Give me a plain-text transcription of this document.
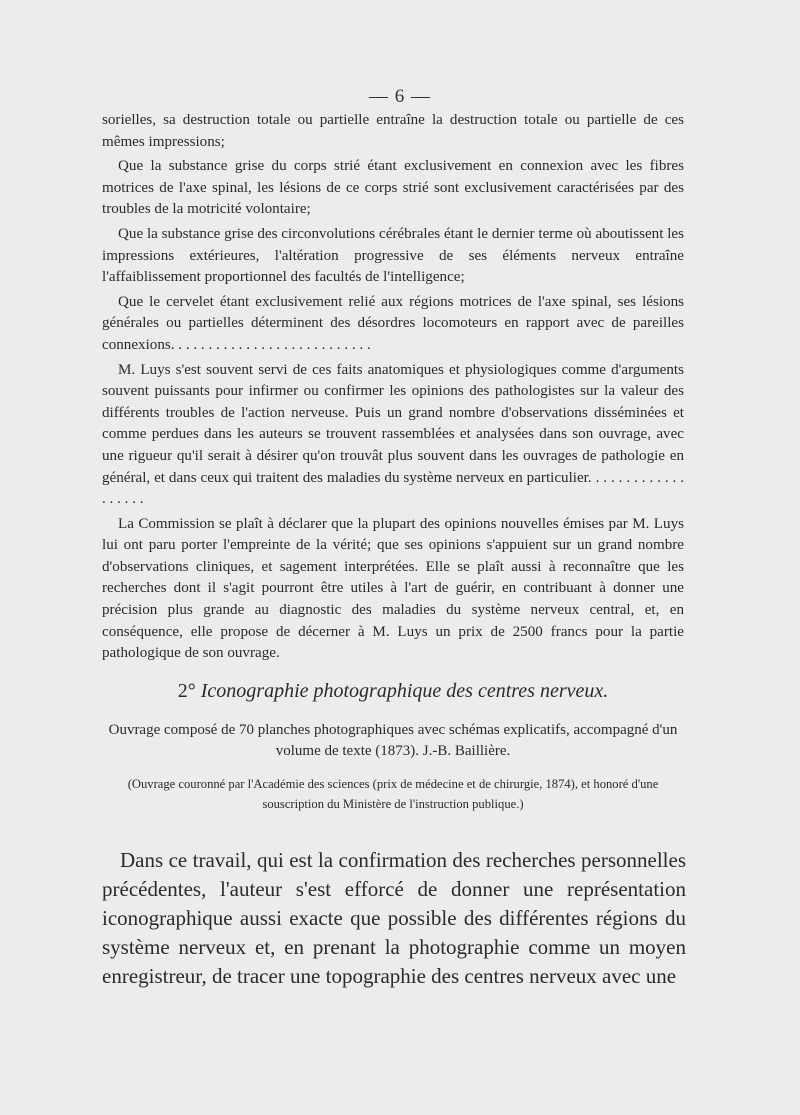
— 6 —

sorielles, sa destruction totale ou partielle entraîne la destruction totale ou partielle de ces mêmes impressions;

Que la substance grise du corps strié étant exclusivement en connexion avec les fibres motrices de l'axe spinal, les lésions de ce corps strié sont exclusivement caractérisées par des troubles de la motricité volontaire;

Que la substance grise des circonvolutions cérébrales étant le dernier terme où aboutissent les impressions extérieures, l'altération progressive de ses éléments nerveux entraîne l'affaiblissement proportionnel des facultés de l'intelligence;

Que le cervelet étant exclusivement relié aux régions motrices de l'axe spinal, ses lésions générales ou partielles déterminent des désordres locomoteurs en rapport avec de pareilles connexions. . . . . . . . . . . . . . . . . . . . . . . . . . .

M. Luys s'est souvent servi de ces faits anatomiques et physiologiques comme d'arguments souvent puissants pour infirmer ou confirmer les opinions des pathologistes sur la valeur des différents troubles de l'action nerveuse. Puis un grand nombre d'observations disséminées et comme perdues dans les auteurs se trouvent rassemblées et analysées dans son ouvrage, avec une rigueur qu'il serait à désirer qu'on trouvât plus souvent dans les ouvrages de pathologie en général, et dans ceux qui traitent des maladies du système nerveux en particulier. . . . . . . . . . . . . . . . . . .

La Commission se plaît à déclarer que la plupart des opinions nouvelles émises par M. Luys lui ont paru porter l'empreinte de la vérité; que ses opinions s'appuient sur un grand nombre d'observations cliniques, et sagement interprétées. Elle se plaît aussi à reconnaître que les recherches dont il s'agit pourront être utiles à l'art de guérir, en contribuant à donner une précision plus grande au diagnostic des maladies du système nerveux central, et, en conséquence, elle propose de décerner à M. Luys un prix de 2500 francs pour la partie pathologique de son ouvrage.

2° Iconographie photographique des centres nerveux.
Ouvrage composé de 70 planches photographiques avec schémas explicatifs, accompagné d'un volume de texte (1873). J.-B. Baillière.
(Ouvrage couronné par l'Académie des sciences (prix de médecine et de chirurgie, 1874), et honoré d'une souscription du Ministère de l'instruction publique.)

Dans ce travail, qui est la confirmation des recherches personnelles précédentes, l'auteur s'est efforcé de donner une représentation iconographique aussi exacte que possible des différentes régions du système nerveux et, en prenant la photographie comme un moyen enregistreur, de tracer une topographie des centres nerveux avec une
